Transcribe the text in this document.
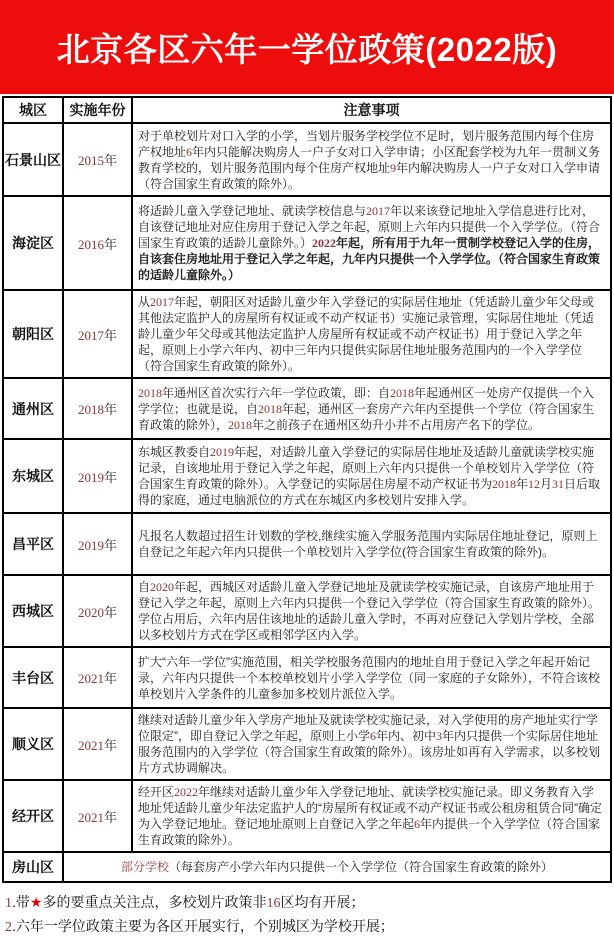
北京各区六年一学位政策(2022版)
城区	实施年份	注意事项
石景山区	2015年	对于单校划片对口入学的小学，当划片服务学校学位不足时，划片服务范围内每个住房产权地址6年内只能解决购房人一户子女对口入学申请；小区配套学校为九年一贯制义务教育学校的，划片服务范围内每个住房产权地址9年内解决购房人一户子女对口入学申请（符合国家生育政策的除外）。
海淀区	2016年	将适龄儿童入学登记地址、就读学校信息与2017年以来该登记地址入学信息进行比对，自该登记地址对应住房用于登记入学之年起，原则上六年内只提供一个入学学位。（符合国家生育政策的适龄儿童除外。）2022年起，所有用于九年一贯制学校登记入学的住房，自该套住房地址用于登记入学之年起，九年内只提供一个入学学位。（符合国家生育政策的适龄儿童除外。）
朝阳区	2017年	从2017年起，朝阳区对适龄儿童少年入学登记的实际居住地址（凭适龄儿童少年父母或其他法定监护人的房屋所有权证或不动产权证书）实施记录管理，实际居住地址（凭适龄儿童少年父母或其他法定监护人房屋所有权证或不动产权证书）用于登记入学之年起，原则上小学六年内、初中三年内只提供实际居住地址服务范围内的一个入学学位（符合国家生育政策的除外）。
通州区	2018年	2018年通州区首次实行六年一学位政策，即：自2018年起通州区一处房产仅提供一个入学学位；也就是说，自2018年起，通州区一套房产六年内至提供一个学位（符合国家生育政策的除外），2018年之前孩子在通州区幼升小并不占用房产名下的学位。
东城区	2019年	东城区教委自2019年起，对适龄儿童入学登记的实际居住地址及适龄儿童就读学校实施记录，自该地址用于登记入学之年起，原则上六年内只提供一个单校划片入学学位（符合国家生育政策的除外）。入学登记的实际居住房屋不动产权证书为2018年12月31日后取得的家庭，通过电脑派位的方式在东城区内多校划片安排入学。
昌平区	2019年	凡报名人数超过招生计划数的学校,继续实施入学服务范围内实际居住地址登记，原则上自登记之年起六年内只提供一个单校划片入学学位(符合国家生育政策的除外)。
西城区	2020年	自2020年起，西城区对适龄儿童入学登记地址及就读学校实施记录，自该房产地址用于登记入学之年起，原则上六年内只提供一个登记入学学位（符合国家生育政策的除外）。学位占用后，六年内居住该地址的适龄儿童入学时，不再对应登记入学划片学校，全部以多校划片方式在学区或相邻学区内入学。
丰台区	2021年	扩大“六年一学位”实施范围，相关学校服务范围内的地址自用于登记入学之年起开始记录，六年内只提供一个本校单校划片小学入学学位（同一家庭的子女除外），不符合该校单校划片入学条件的儿童参加多校划片派位入学。
顺义区	2021年	继续对适龄儿童少年入学房产地址及就读学校实施记录，对入学使用的房产地址实行“学位限定”，即自登记入学之年起，原则上小学6年内、初中3年内只提供一个实际居住地址服务范围内的入学学位（符合国家生育政策的除外）。该房址如再有入学需求，以多校划片方式协调解决。
经开区	2021年	经开区2022年继续对适龄儿童少年入学登记地址、就读学校实施记录。即义务教育入学地址凭适龄儿童少年法定监护人的“房屋所有权证或不动产权证书或公租房租赁合同”确定为入学登记地址。登记地址原则上自登记入学之年起6年内提供一个入学学位（符合国家生育政策的除外）。
房山区	部分学校（每套房产小学六年内只提供一个入学学位（符合国家生育政策的除外）	
1.带★多的要重点关注点，多校划片政策非16区均有开展；
2.六年一学位政策主要为各区开展实行，个别城区为学校开展；
